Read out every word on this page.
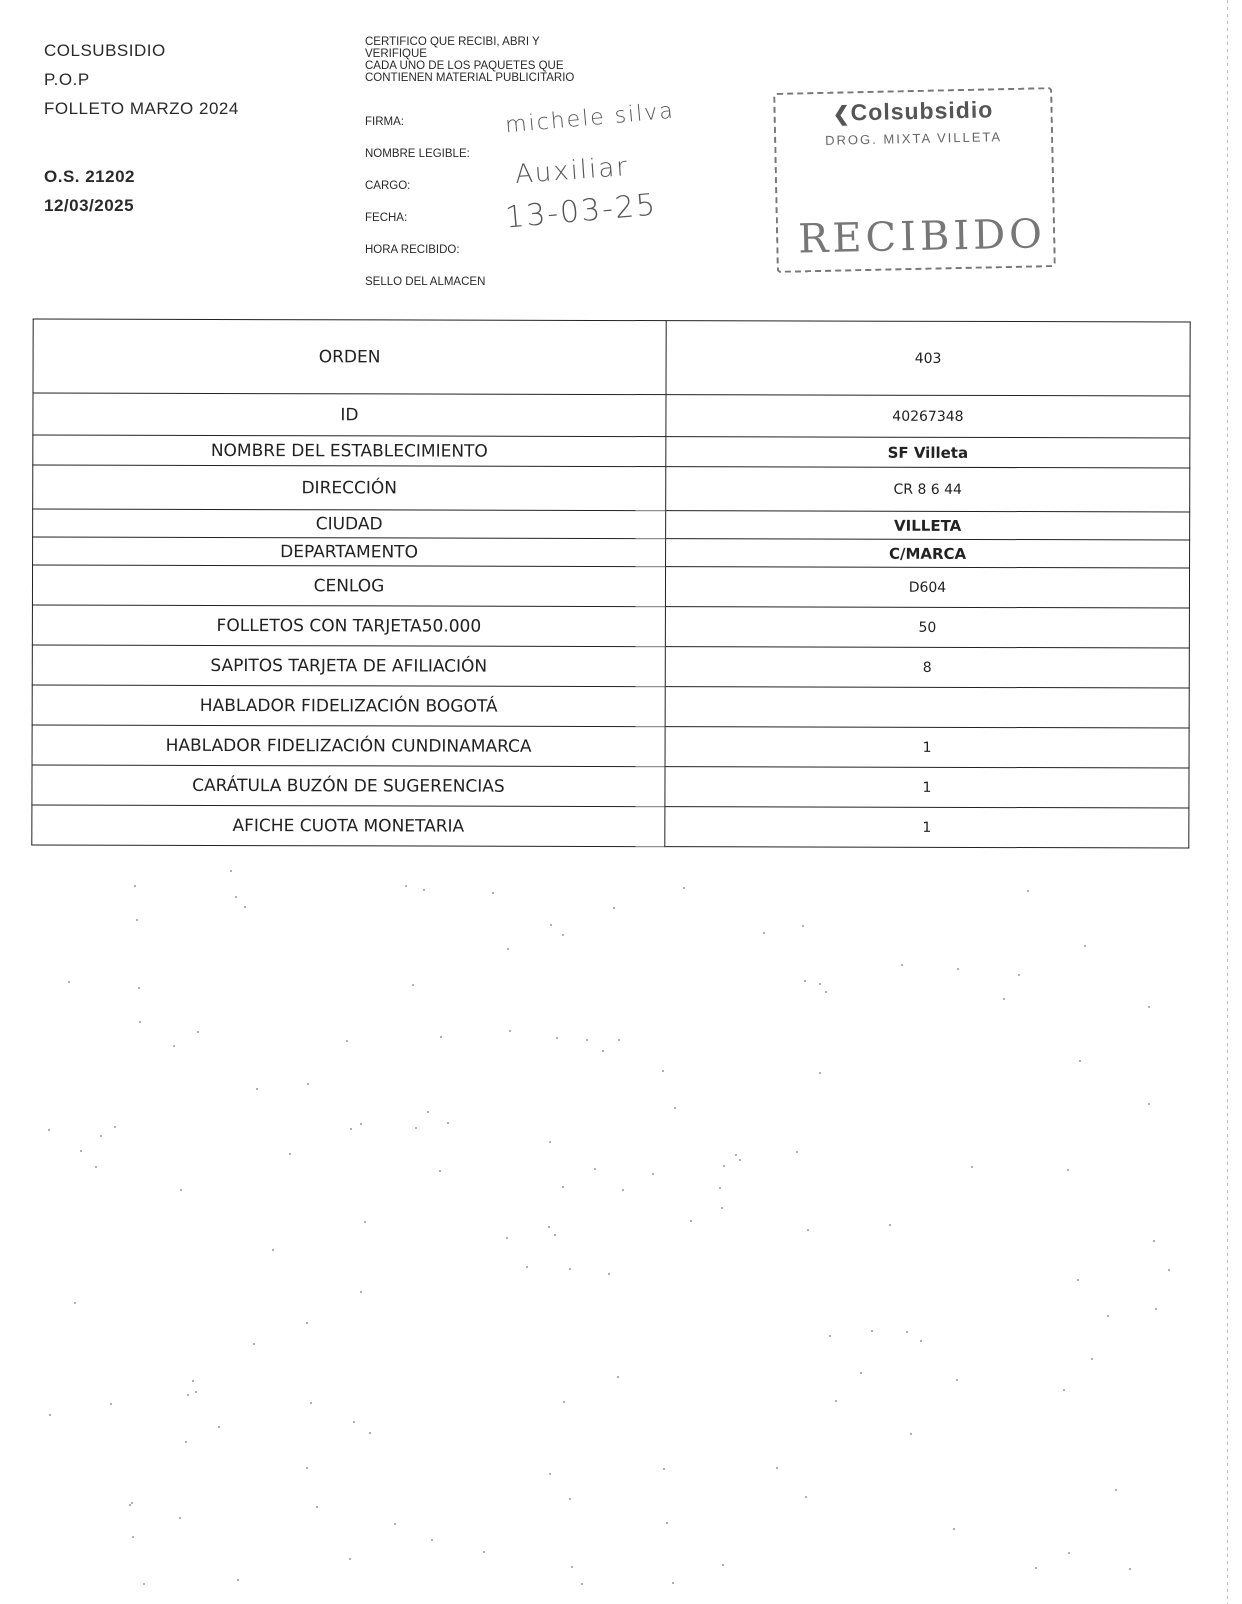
COLSUBSIDIO
P.O.P
FOLLETO MARZO 2024
O.S. 21202
12/03/2025
CERTIFICO QUE RECIBI, ABRI Y
VERIFIQUE
CADA UNO DE LOS PAQUETES QUE
CONTIENEN MATERIAL PUBLICITARIO
FIRMA:
NOMBRE LEGIBLE:
CARGO:
FECHA:
HORA RECIBIDO:
SELLO DEL ALMACEN
michele silva
Auxiliar
13-03-25
❮Colsubsidio
DROG. MIXTA VILLETA
RECIBIDO
ORDEN	403
ID	40267348
NOMBRE DEL ESTABLECIMIENTO	SF Villeta
DIRECCIÓN	CR 8 6 44
CIUDAD	VILLETA
DEPARTAMENTO	C/MARCA
CENLOG	D604
FOLLETOS CON TARJETA50.000	50
SAPITOS TARJETA DE AFILIACIÓN	8
HABLADOR FIDELIZACIÓN BOGOTÁ	
HABLADOR FIDELIZACIÓN CUNDINAMARCA	1
CARÁTULA BUZÓN DE SUGERENCIAS	1
AFICHE CUOTA MONETARIA	1
